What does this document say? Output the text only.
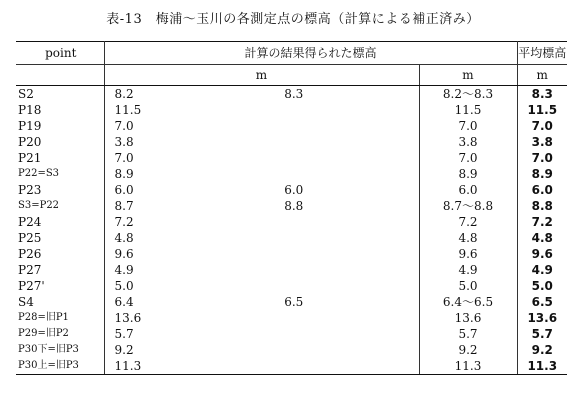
表-13　梅浦〜玉川の各測定点の標高（計算による補正済み）
point	計算の結果得られた標高			平均標高
	m		m	m
S2	8.2	8.3	8.2〜8.3	8.3
P18	11.5		11.5	11.5
P19	7.0		7.0	7.0
P20	3.8		3.8	3.8
P21	7.0		7.0	7.0
P22=S3	8.9		8.9	8.9
P23	6.0	6.0	6.0	6.0
S3=P22	8.7	8.8	8.7〜8.8	8.8
P24	7.2		7.2	7.2
P25	4.8		4.8	4.8
P26	9.6		9.6	9.6
P27	4.9		4.9	4.9
P27'	5.0		5.0	5.0
S4	6.4	6.5	6.4〜6.5	6.5
P28=旧P1	13.6		13.6	13.6
P29=旧P2	5.7		5.7	5.7
P30下=旧P3	9.2		9.2	9.2
P30上=旧P3	11.3		11.3	11.3
